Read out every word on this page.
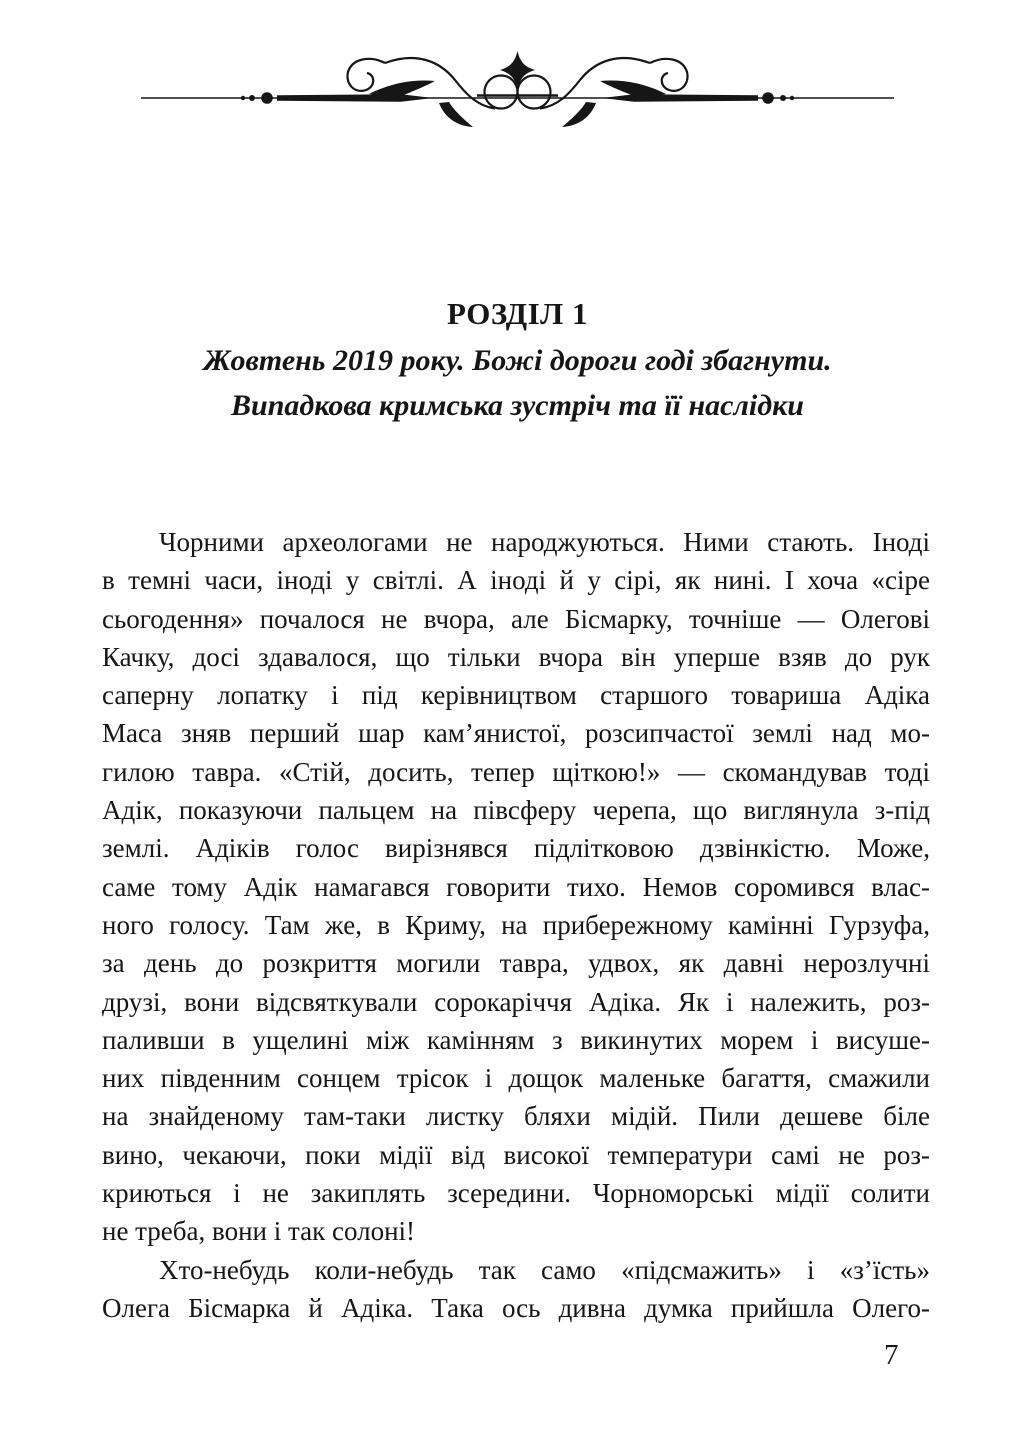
РОЗДІЛ 1
Жовтень 2019 року. Божі дороги годі збагнути.
Випадкова кримська зустріч та її наслідки
Чорними археологами не народжуються. Ними стають. Іноді
в темні часи, іноді у світлі. А іноді й у сірі, як нині. І хоча «сіре
сьогодення» почалося не вчора, але Бісмарку, точніше — Олегові
Качку, досі здавалося, що тільки вчора він уперше взяв до рук
саперну лопатку і під керівництвом старшого товариша Адіка
Маса зняв перший шар кам’янистої, розсипчастої землі над мо-
гилою тавра. «Стій, досить, тепер щіткою!» — скомандував тоді
Адік, показуючи пальцем на півсферу черепа, що виглянула з-під
землі. Адіків голос вирізнявся підлітковою дзвінкістю. Може,
саме тому Адік намагався говорити тихо. Немов соромився влас-
ного голосу. Там же, в Криму, на прибережному камінні Гурзуфа,
за день до розкриття могили тавра, удвох, як давні нерозлучні
друзі, вони відсвяткували сорокаріччя Адіка. Як і належить, роз-
паливши в ущелині між камінням з викинутих морем і висуше-
них південним сонцем трісок і дощок маленьке багаття, смажили
на знайденому там-таки листку бляхи мідій. Пили дешеве біле
вино, чекаючи, поки мідії від високої температури самі не роз-
криються і не закиплять зсередини. Чорноморські мідії солити
не треба, вони і так солоні!
Хто-небудь коли-небудь так само «підсмажить» і «з’їсть»
Олега Бісмарка й Адіка. Така ось дивна думка прийшла Олего-
7
